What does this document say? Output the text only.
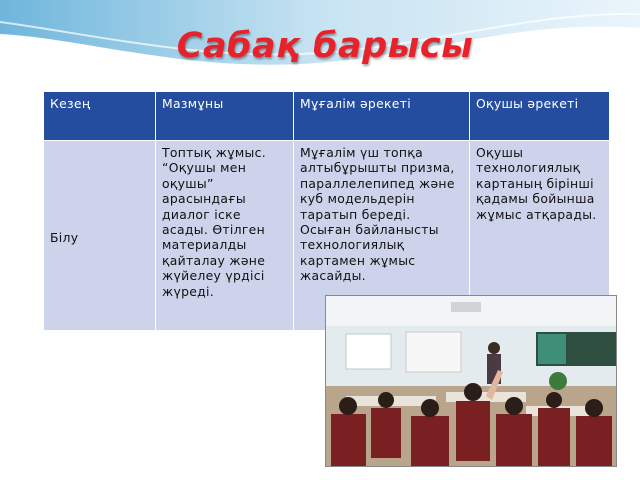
Сабақ барысы
Кезең	Мазмұны	Мұғалім әрекеті	Оқушы әрекеті
Білу	Топтық жұмыс. “Оқушы мен оқушы” арасындағы диалог іске асады. Өтілген материалды қайталау және жүйелеу үрдісі жүреді.	Мұғалім үш топқа алтыбұрышты призма, параллелепипед және куб модельдерін таратып береді. Осыған байланысты технологиялық картамен жұмыс жасайды.	Оқушы технологиялық картаның бірінші қадамы бойынша жұмыс атқарады.
